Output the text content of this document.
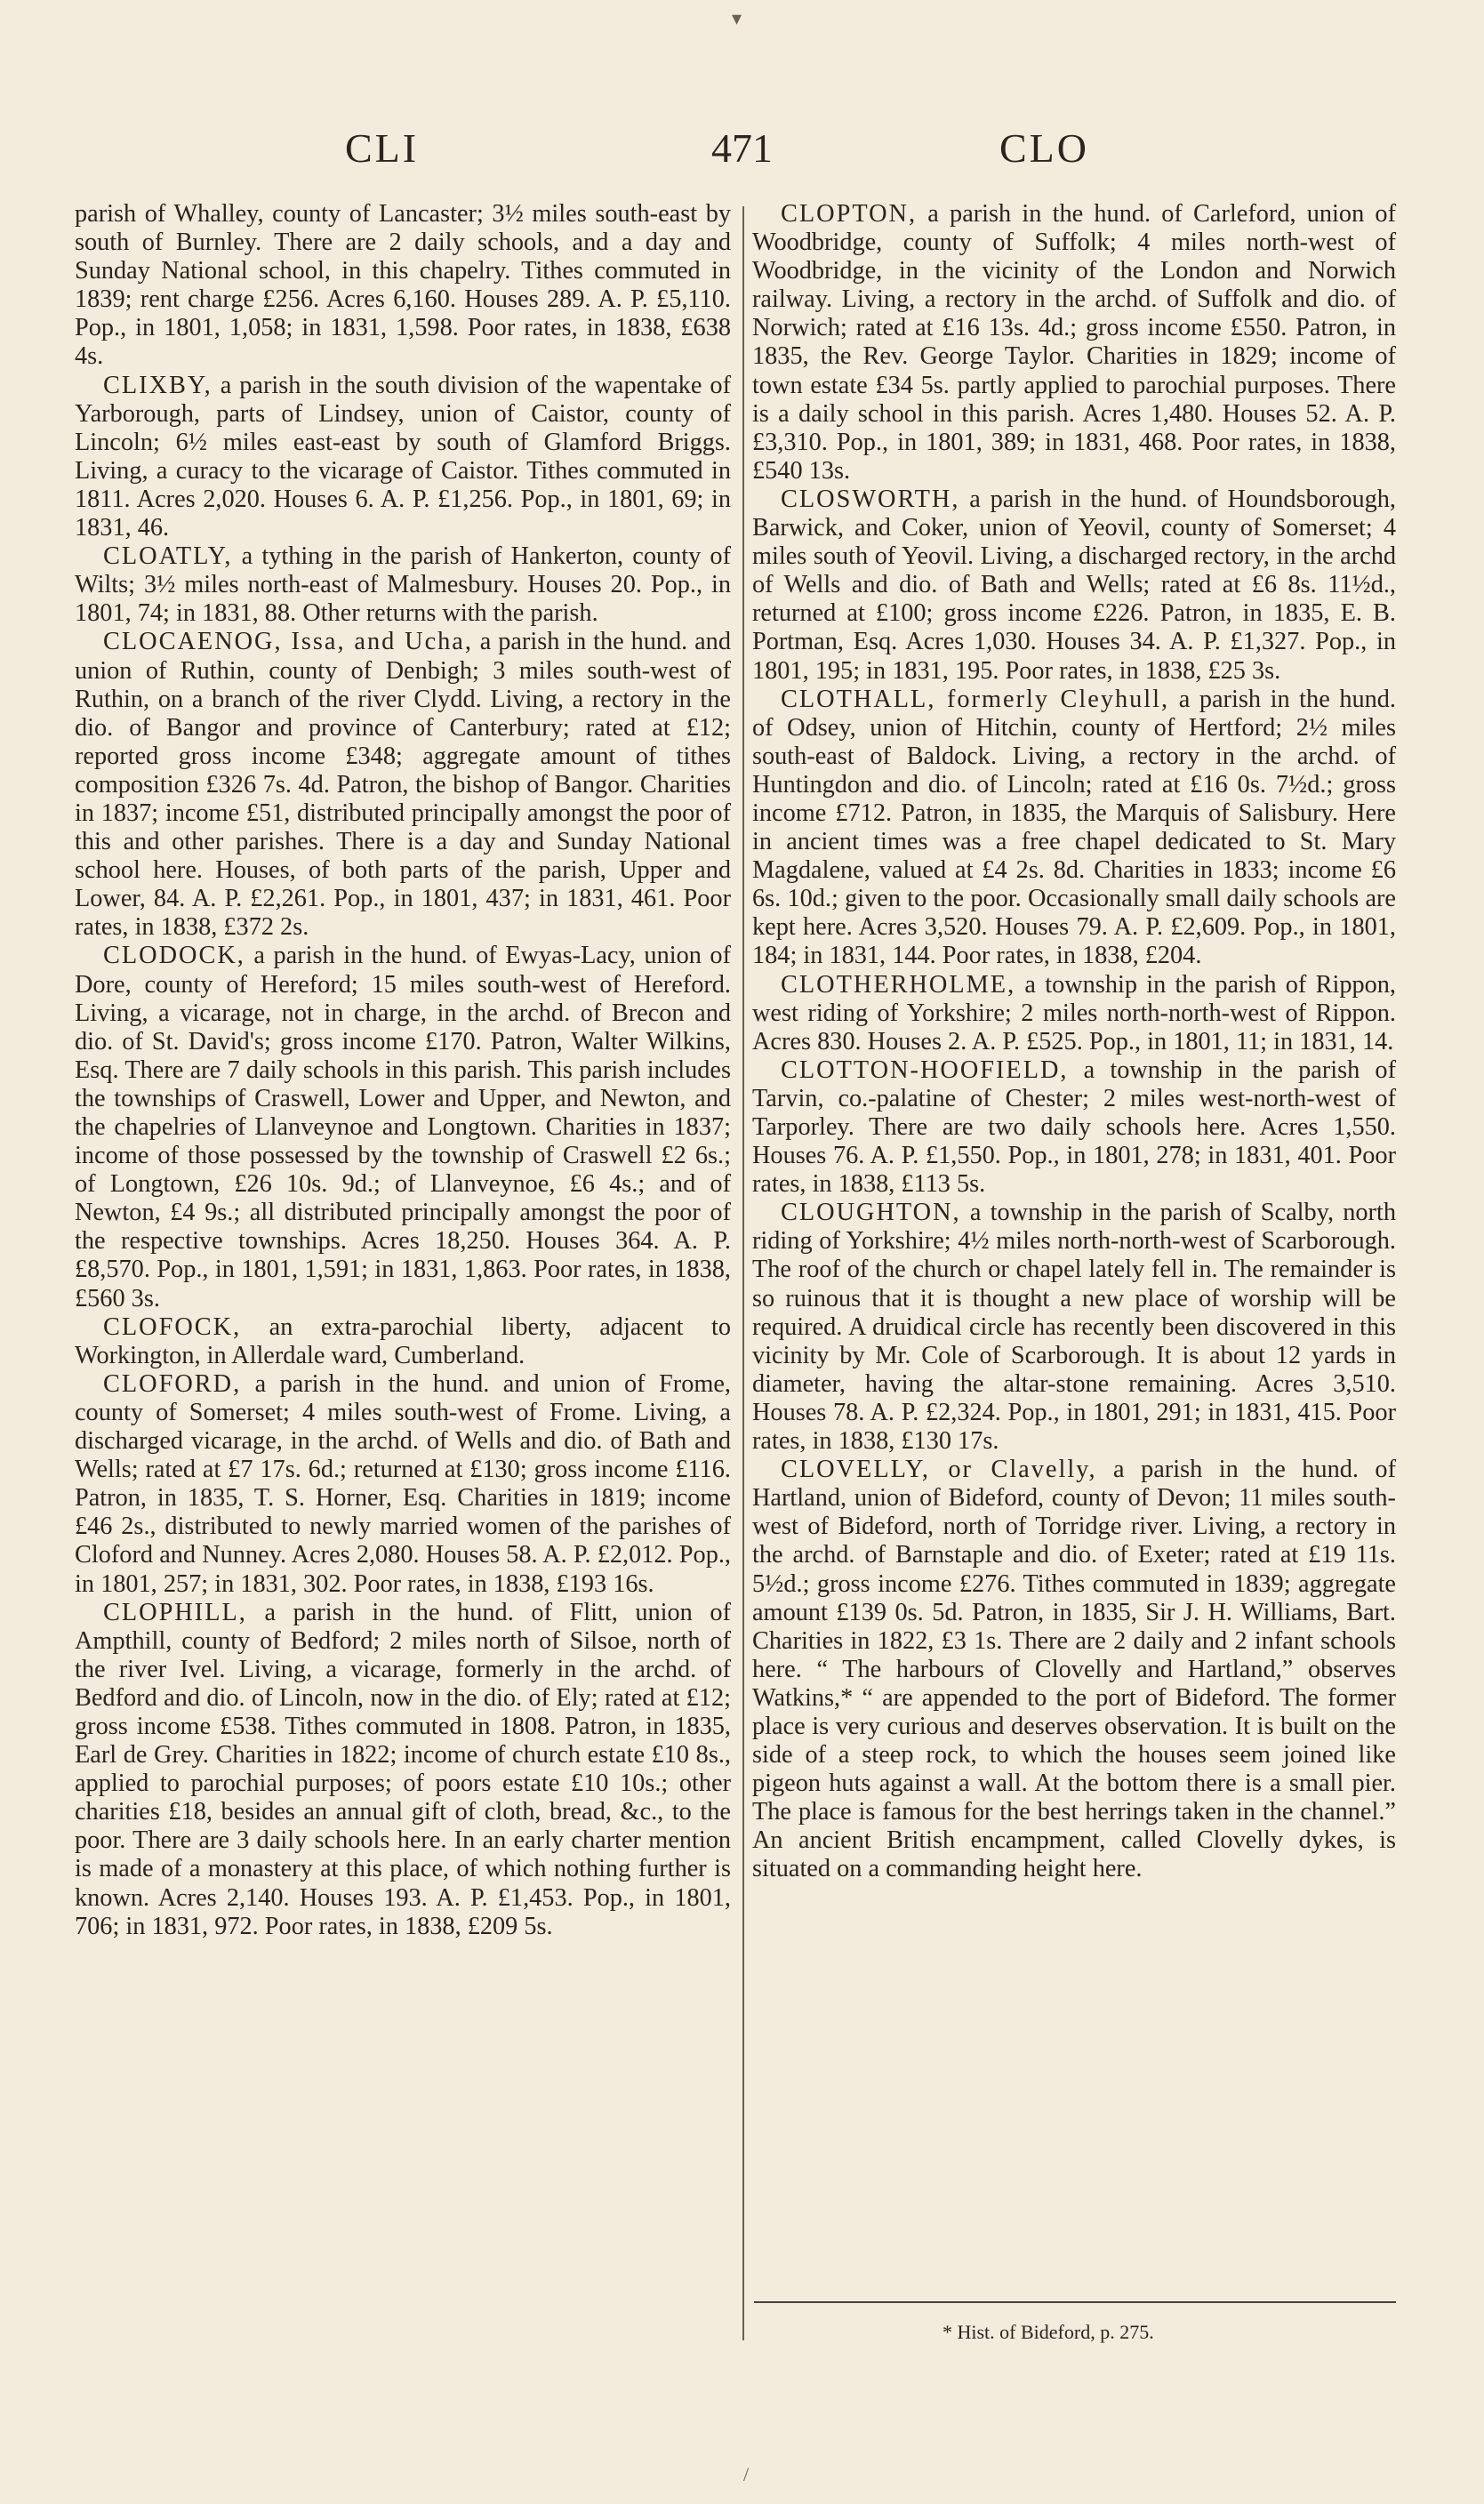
▾
CLI	471	CLO

parish of Whalley, county of Lancaster; 3½ miles south-east by south of Burnley. There are 2 daily schools, and a day and Sunday National school, in this chapelry. Tithes commuted in 1839; rent charge £256. Acres 6,160. Houses 289. A. P. £5,110. Pop., in 1801, 1,058; in 1831, 1,598. Poor rates, in 1838, £638 4s.

CLIXBY, a parish in the south division of the wapentake of Yarborough, parts of Lindsey, union of Caistor, county of Lincoln; 6½ miles east-east by south of Glamford Briggs. Living, a curacy to the vicarage of Caistor. Tithes commuted in 1811. Acres 2,020. Houses 6. A. P. £1,256. Pop., in 1801, 69; in 1831, 46.

CLOATLY, a tything in the parish of Hankerton, county of Wilts; 3½ miles north-east of Malmesbury. Houses 20. Pop., in 1801, 74; in 1831, 88. Other returns with the parish.

CLOCAENOG, Issa, and Ucha, a parish in the hund. and union of Ruthin, county of Denbigh; 3 miles south-west of Ruthin, on a branch of the river Clydd. Living, a rectory in the dio. of Bangor and province of Canterbury; rated at £12; reported gross income £348; aggregate amount of tithes composition £326 7s. 4d. Patron, the bishop of Bangor. Charities in 1837; income £51, distributed principally amongst the poor of this and other parishes. There is a day and Sunday National school here. Houses, of both parts of the parish, Upper and Lower, 84. A. P. £2,261. Pop., in 1801, 437; in 1831, 461. Poor rates, in 1838, £372 2s.

CLODOCK, a parish in the hund. of Ewyas-Lacy, union of Dore, county of Hereford; 15 miles south-west of Hereford. Living, a vicarage, not in charge, in the archd. of Brecon and dio. of St. David's; gross income £170. Patron, Walter Wilkins, Esq. There are 7 daily schools in this parish. This parish includes the townships of Craswell, Lower and Upper, and Newton, and the chapelries of Llanveynoe and Longtown. Charities in 1837; income of those possessed by the township of Craswell £2 6s.; of Longtown, £26 10s. 9d.; of Llanveynoe, £6 4s.; and of Newton, £4 9s.; all distributed principally amongst the poor of the respective townships. Acres 18,250. Houses 364. A. P. £8,570. Pop., in 1801, 1,591; in 1831, 1,863. Poor rates, in 1838, £560 3s.

CLOFOCK, an extra-parochial liberty, adjacent to Workington, in Allerdale ward, Cumberland.

CLOFORD, a parish in the hund. and union of Frome, county of Somerset; 4 miles south-west of Frome. Living, a discharged vicarage, in the archd. of Wells and dio. of Bath and Wells; rated at £7 17s. 6d.; returned at £130; gross income £116. Patron, in 1835, T. S. Horner, Esq. Charities in 1819; income £46 2s., distributed to newly married women of the parishes of Cloford and Nunney. Acres 2,080. Houses 58. A. P. £2,012. Pop., in 1801, 257; in 1831, 302. Poor rates, in 1838, £193 16s.

CLOPHILL, a parish in the hund. of Flitt, union of Ampthill, county of Bedford; 2 miles north of Silsoe, north of the river Ivel. Living, a vicarage, formerly in the archd. of Bedford and dio. of Lincoln, now in the dio. of Ely; rated at £12; gross income £538. Tithes commuted in 1808. Patron, in 1835, Earl de Grey. Charities in 1822; income of church estate £10 8s., applied to parochial purposes; of poors estate £10 10s.; other charities £18, besides an annual gift of cloth, bread, &c., to the poor. There are 3 daily schools here. In an early charter mention is made of a monastery at this place, of which nothing further is known. Acres 2,140. Houses 193. A. P. £1,453. Pop., in 1801, 706; in 1831, 972. Poor rates, in 1838, £209 5s.

CLOPTON, a parish in the hund. of Carleford, union of Woodbridge, county of Suffolk; 4 miles north-west of Woodbridge, in the vicinity of the London and Norwich railway. Living, a rectory in the archd. of Suffolk and dio. of Norwich; rated at £16 13s. 4d.; gross income £550. Patron, in 1835, the Rev. George Taylor. Charities in 1829; income of town estate £34 5s. partly applied to parochial purposes. There is a daily school in this parish. Acres 1,480. Houses 52. A. P. £3,310. Pop., in 1801, 389; in 1831, 468. Poor rates, in 1838, £540 13s.

CLOSWORTH, a parish in the hund. of Houndsborough, Barwick, and Coker, union of Yeovil, county of Somerset; 4 miles south of Yeovil. Living, a discharged rectory, in the archd of Wells and dio. of Bath and Wells; rated at £6 8s. 11½d., returned at £100; gross income £226. Patron, in 1835, E. B. Portman, Esq. Acres 1,030. Houses 34. A. P. £1,327. Pop., in 1801, 195; in 1831, 195. Poor rates, in 1838, £25 3s.

CLOTHALL, formerly Cleyhull, a parish in the hund. of Odsey, union of Hitchin, county of Hertford; 2½ miles south-east of Baldock. Living, a rectory in the archd. of Huntingdon and dio. of Lincoln; rated at £16 0s. 7½d.; gross income £712. Patron, in 1835, the Marquis of Salisbury. Here in ancient times was a free chapel dedicated to St. Mary Magdalene, valued at £4 2s. 8d. Charities in 1833; income £6 6s. 10d.; given to the poor. Occasionally small daily schools are kept here. Acres 3,520. Houses 79. A. P. £2,609. Pop., in 1801, 184; in 1831, 144. Poor rates, in 1838, £204.

CLOTHERHOLME, a township in the parish of Rippon, west riding of Yorkshire; 2 miles north-north-west of Rippon. Acres 830. Houses 2. A. P. £525. Pop., in 1801, 11; in 1831, 14.

CLOTTON-HOOFIELD, a township in the parish of Tarvin, co.-palatine of Chester; 2 miles west-north-west of Tarporley. There are two daily schools here. Acres 1,550. Houses 76. A. P. £1,550. Pop., in 1801, 278; in 1831, 401. Poor rates, in 1838, £113 5s.

CLOUGHTON, a township in the parish of Scalby, north riding of Yorkshire; 4½ miles north-north-west of Scarborough. The roof of the church or chapel lately fell in. The remainder is so ruinous that it is thought a new place of worship will be required. A druidical circle has recently been discovered in this vicinity by Mr. Cole of Scarborough. It is about 12 yards in diameter, having the altar-stone remaining. Acres 3,510. Houses 78. A. P. £2,324. Pop., in 1801, 291; in 1831, 415. Poor rates, in 1838, £130 17s.

CLOVELLY, or Clavelly, a parish in the hund. of Hartland, union of Bideford, county of Devon; 11 miles south-west of Bideford, north of Torridge river. Living, a rectory in the archd. of Barnstaple and dio. of Exeter; rated at £19 11s. 5½d.; gross income £276. Tithes commuted in 1839; aggregate amount £139 0s. 5d. Patron, in 1835, Sir J. H. Williams, Bart. Charities in 1822, £3 1s. There are 2 daily and 2 infant schools here. “ The harbours of Clovelly and Hartland,” observes Watkins,* “ are appended to the port of Bideford. The former place is very curious and deserves observation. It is built on the side of a steep rock, to which the houses seem joined like pigeon huts against a wall. At the bottom there is a small pier. The place is famous for the best herrings taken in the channel.” An ancient British encampment, called Clovelly dykes, is situated on a commanding height here.

* Hist. of Bideford, p. 275.
/
